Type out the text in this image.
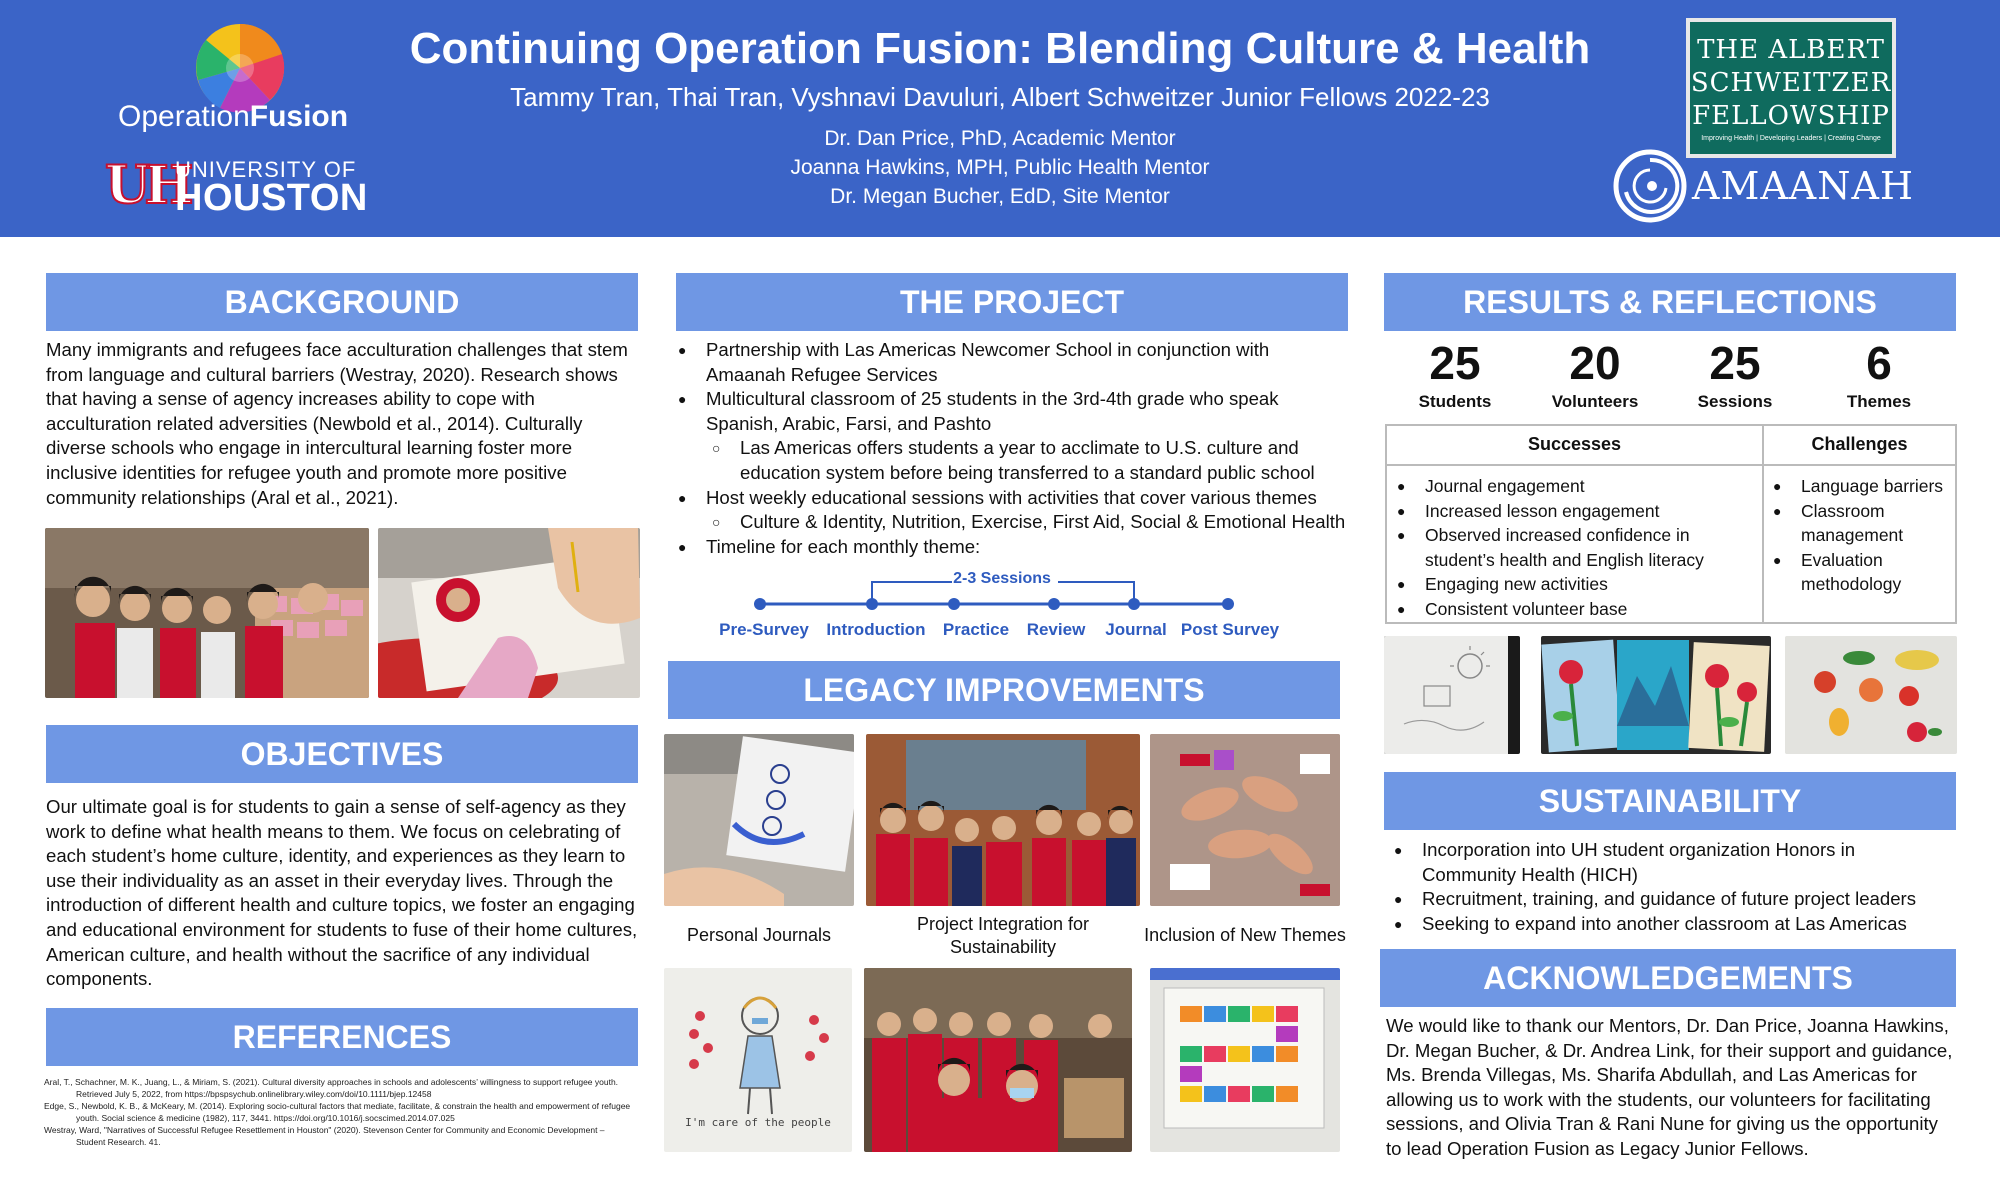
OperationFusion
UH
UNIVERSITY OF
HOUSTON
Continuing Operation Fusion: Blending Culture & Health
Tammy Tran, Thai Tran, Vyshnavi Davuluri, Albert Schweitzer Junior Fellows 2022-23
Dr. Dan Price, PhD, Academic Mentor
Joanna Hawkins, MPH, Public Health Mentor
Dr. Megan Bucher, EdD, Site Mentor
THE ALBERT
SCHWEITZER
FELLOWSHIP
Improving Health | Developing Leaders | Creating Change
AMAANAH
BACKGROUND
Many immigrants and refugees face acculturation challenges that stem from language and cultural barriers (Westray, 2020). Research shows that having a sense of agency increases ability to cope with acculturation related adversities (Newbold et al., 2014). Culturally diverse schools who engage in intercultural learning foster more inclusive identities for refugee youth and promote more positive community relationships (Aral et al., 2021).
OBJECTIVES
Our ultimate goal is for students to gain a sense of self-agency as they work to define what health means to them. We focus on celebrating of each student’s home culture, identity, and experiences as they learn to use their individuality as an asset in their everyday lives. Through the introduction of different health and culture topics, we foster an engaging and educational environment for students to fuse of their home cultures, American culture, and health without the sacrifice of any individual components.
REFERENCES

Aral, T., Schachner, M. K., Juang, L., & Miriam, S. (2021). Cultural diversity approaches in schools and adolescents’ willingness to support refugee youth. Retrieved July 5, 2022, from https://bpspsychub.onlinelibrary.wiley.com/doi/10.1111/bjep.12458

Edge, S., Newbold, K. B., & McKeary, M. (2014). Exploring socio-cultural factors that mediate, facilitate, & constrain the health and empowerment of refugee youth. Social science & medicine (1982), 117, 3441. https://doi.org/10.1016/j.socscimed.2014.07.025

Westray, Ward, "Narratives of Successful Refugee Resettlement in Houston" (2020). Stevenson Center for Community and Economic Development – Student Research. 41.

THE PROJECT
● Partnership with Las Americas Newcomer School in conjunction with Amaanah Refugee Services
● Multicultural classroom of 25 students in the 3rd-4th grade who speak Spanish, Arabic, Farsi, and Pashto
○ Las Americas offers students a year to acclimate to U.S. culture and education system before being transferred to a standard public school
● Host weekly educational sessions with activities that cover various themes
○ Culture & Identity, Nutrition, Exercise, First Aid, Social & Emotional Health
● Timeline for each monthly theme:
2-3 Sessions
Pre-Survey Introduction Practice Review Journal Post Survey
LEGACY IMPROVEMENTS
Personal Journals
Project Integration for Sustainability
Inclusion of New Themes
I'm care of the people
RESULTS & REFLECTIONS
25
Students
20
Volunteers
25
Sessions
6
Themes
Successes	Challenges
● Journal engagement
● Increased lesson engagement
● Observed increased confidence in student’s health and English literacy
● Engaging new activities
● Consistent volunteer base
● Language barriers
● Classroom management
● Evaluation methodology
SUSTAINABILITY
● Incorporation into UH student organization Honors in Community Health (HICH)
● Recruitment, training, and guidance of future project leaders
● Seeking to expand into another classroom at Las Americas
ACKNOWLEDGEMENTS
We would like to thank our Mentors, Dr. Dan Price, Joanna Hawkins, Dr. Megan Bucher, & Dr. Andrea Link, for their support and guidance, Ms. Brenda Villegas, Ms. Sharifa Abdullah, and Las Americas for allowing us to work with the students, our volunteers for facilitating sessions, and Olivia Tran & Rani Nune for giving us the opportunity to lead Operation Fusion as Legacy Junior Fellows.
